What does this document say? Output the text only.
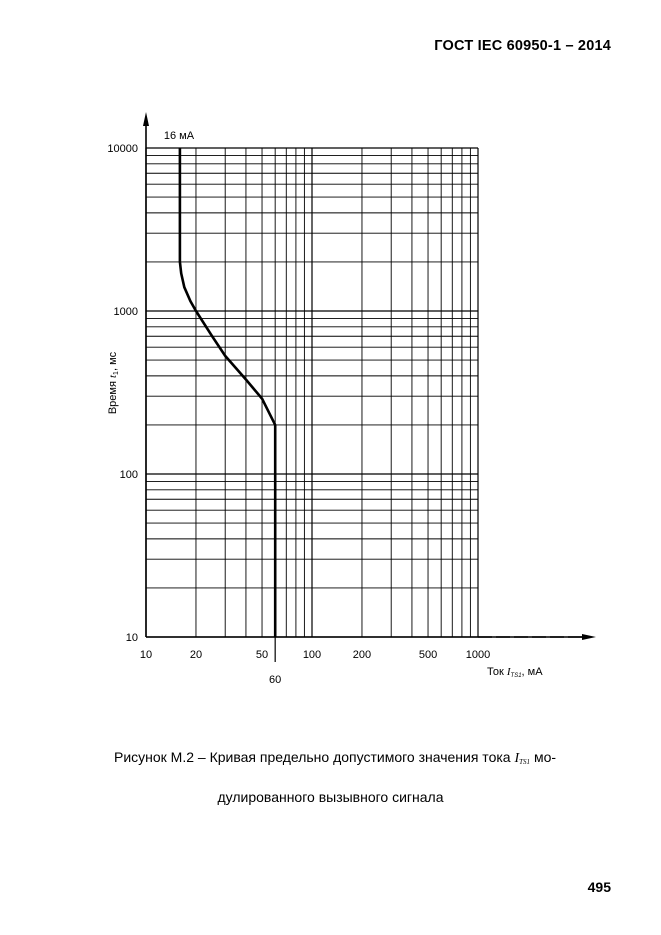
ГОСТ IEC 60950-1 – 2014
10	20	50	100	200	500	1000
10
100
1000
10000
16 мА
60
Ток ITS1, мА
Время t1, мс
Рисунок М.2 – Кривая предельно допустимого значения тока $I_{TS1}$ мо-
дулированного вызывного сигнала
495
